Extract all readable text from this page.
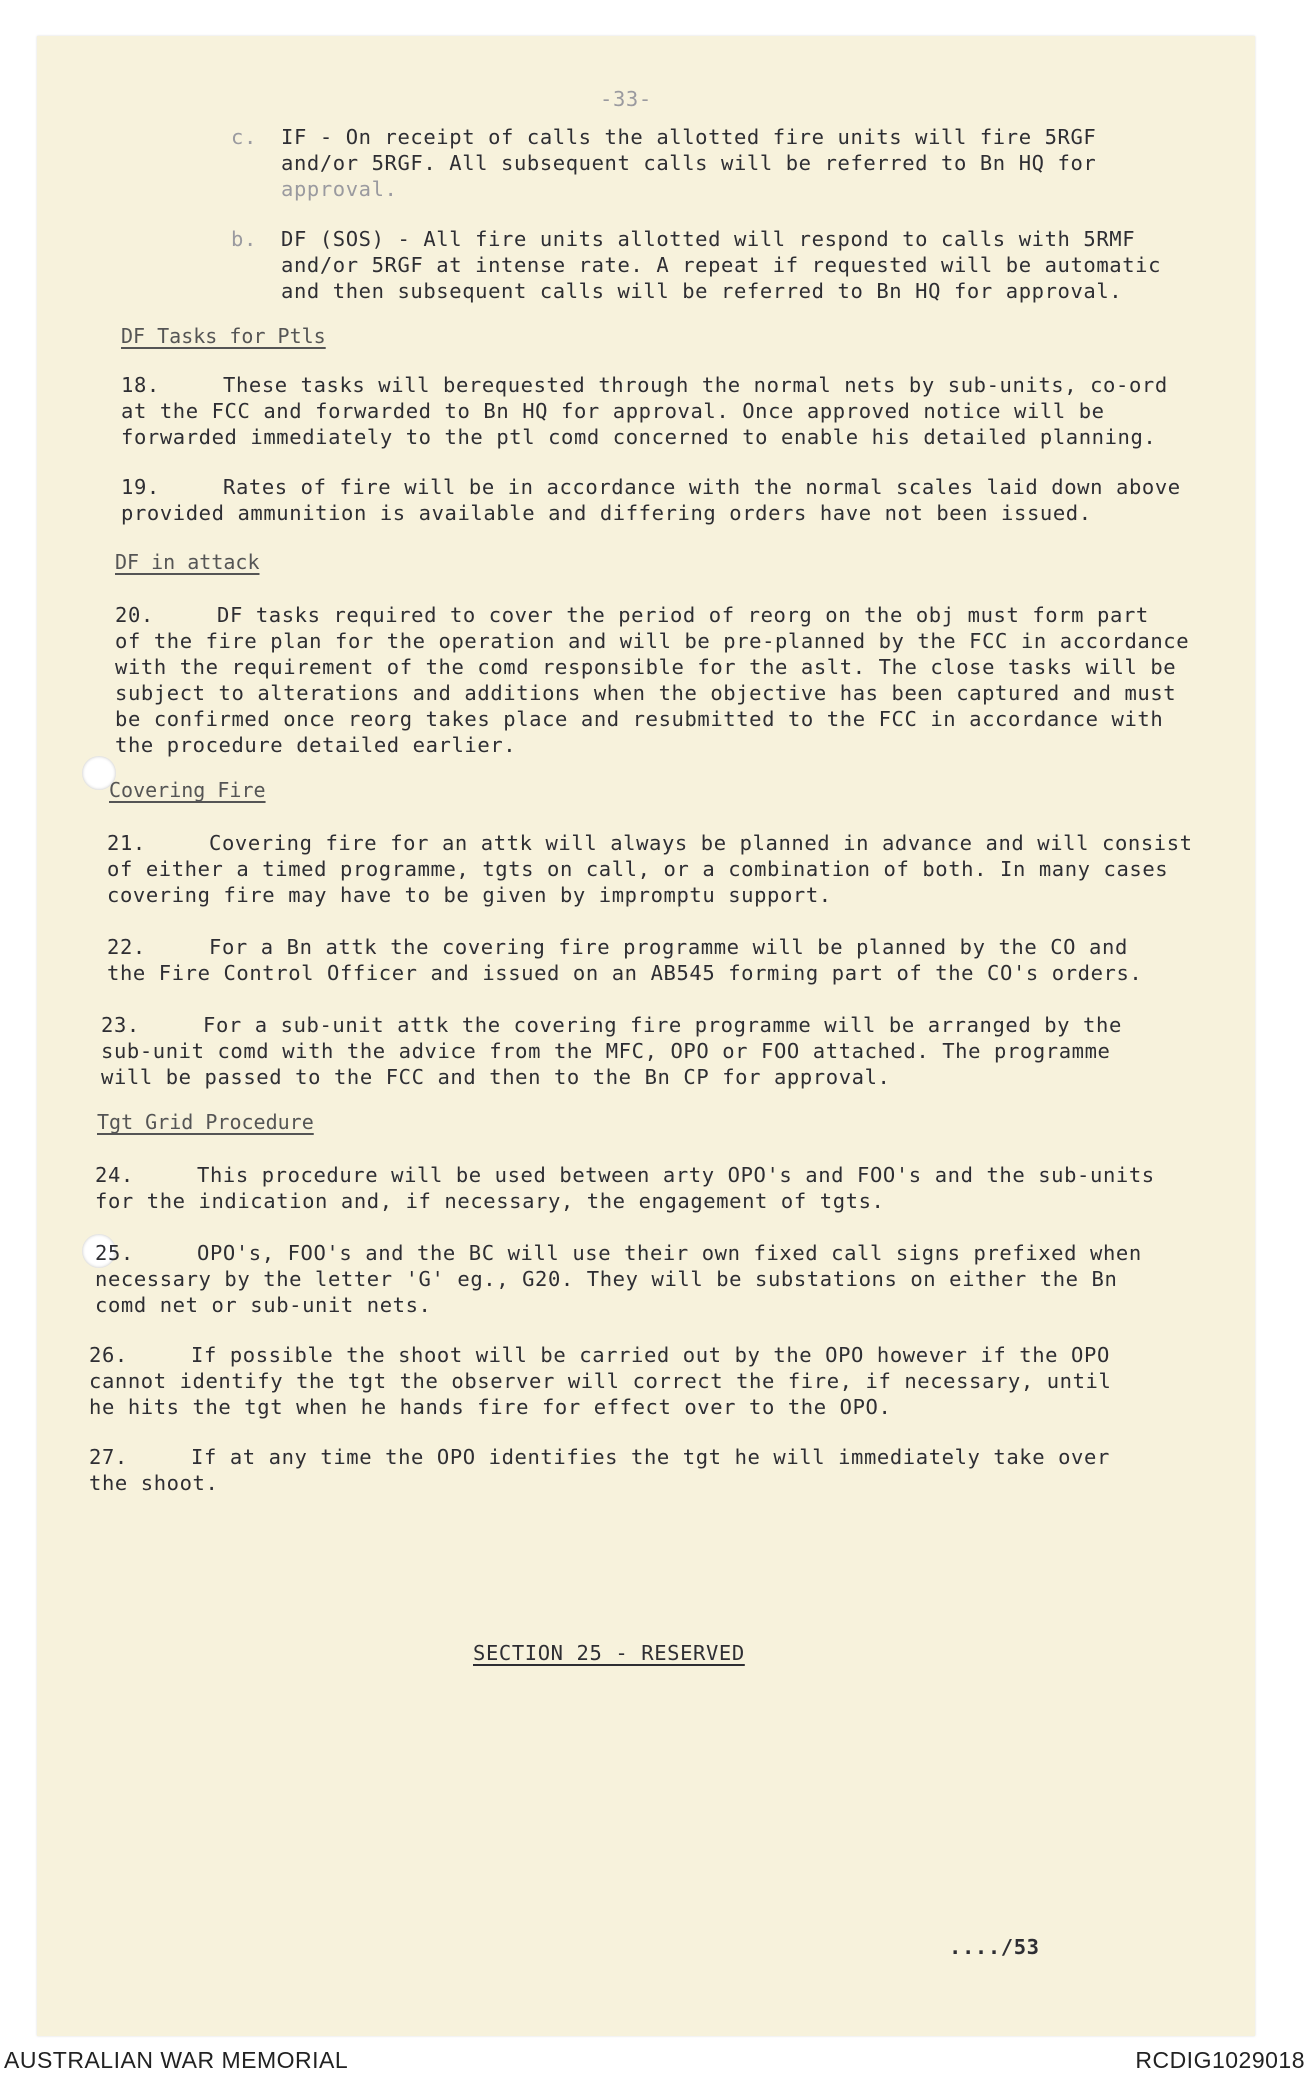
-33-
c. IF - On receipt of calls the allotted fire units will fire 5RGF
and/or 5RGF. All subsequent calls will be referred to Bn HQ for
approval.
b. DF (SOS) - All fire units allotted will respond to calls with 5RMF
and/or 5RGF at intense rate. A repeat if requested will be automatic
and then subsequent calls will be referred to Bn HQ for approval.
DF Tasks for Ptls
18.	These tasks will berequested through the normal nets by sub-units, co-ord
at the FCC and forwarded to Bn HQ for approval. Once approved notice will be
forwarded immediately to the ptl comd concerned to enable his detailed planning.
19.	Rates of fire will be in accordance with the normal scales laid down above
provided ammunition is available and differing orders have not been issued.
DF in attack
20.	DF tasks required to cover the period of reorg on the obj must form part
of the fire plan for the operation and will be pre-planned by the FCC in accordance
with the requirement of the comd responsible for the aslt. The close tasks will be
subject to alterations and additions when the objective has been captured and must
be confirmed once reorg takes place and resubmitted to the FCC in accordance with
the procedure detailed earlier.
Covering Fire
21.	Covering fire for an attk will always be planned in advance and will consist
of either a timed programme, tgts on call, or a combination of both. In many cases
covering fire may have to be given by impromptu support.
22.	For a Bn attk the covering fire programme will be planned by the CO and
the Fire Control Officer and issued on an AB545 forming part of the CO's orders.
23.	For a sub-unit attk the covering fire programme will be arranged by the
sub-unit comd with the advice from the MFC, OPO or FOO attached. The programme
will be passed to the FCC and then to the Bn CP for approval.
Tgt Grid Procedure
24.	This procedure will be used between arty OPO's and FOO's and the sub-units
for the indication and, if necessary, the engagement of tgts.
25.	OPO's, FOO's and the BC will use their own fixed call signs prefixed when
necessary by the letter 'G' eg., G20. They will be substations on either the Bn
comd net or sub-unit nets.
26.	If possible the shoot will be carried out by the OPO however if the OPO
cannot identify the tgt the observer will correct the fire, if necessary, until
he hits the tgt when he hands fire for effect over to the OPO.
27.	If at any time the OPO identifies the tgt he will immediately take over
the shoot.
SECTION 25 - RESERVED
..../53
AUSTRALIAN WAR MEMORIAL	RCDIG1029018
